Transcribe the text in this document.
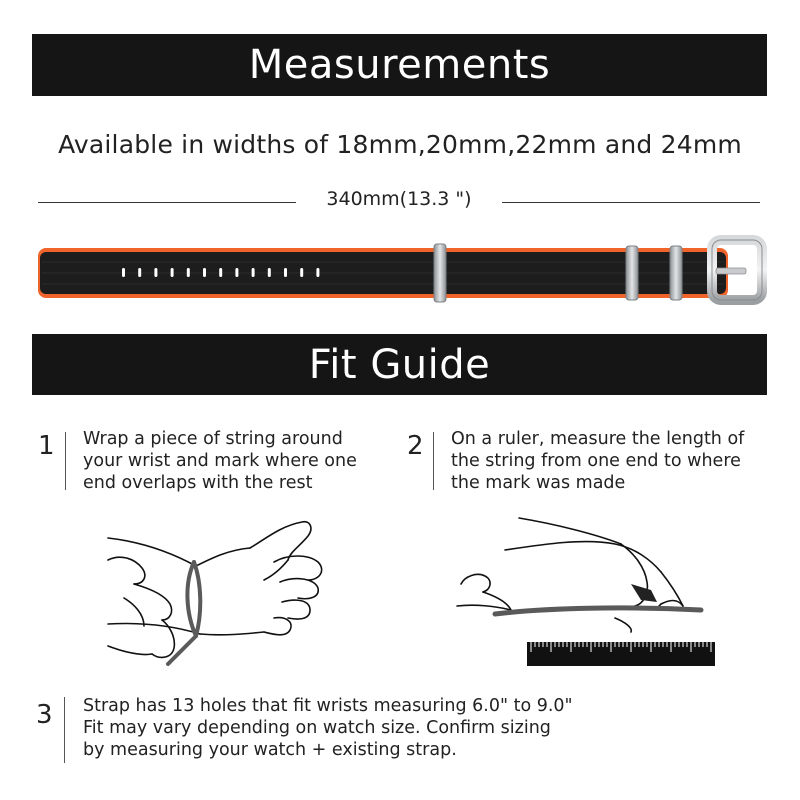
Measurements
Available in widths of 18mm,20mm,22mm and 24mm
340mm(13.3 ")
Fit Guide
1 Wrap a piece of string around
your wrist and mark where one
end overlaps with the rest
2 On a ruler, measure the length of
the string from one end to where
the mark was made
3 Strap has 13 holes that fit wrists measuring 6.0" to 9.0"
Fit may vary depending on watch size. Confirm sizing
by measuring your watch + existing strap.
